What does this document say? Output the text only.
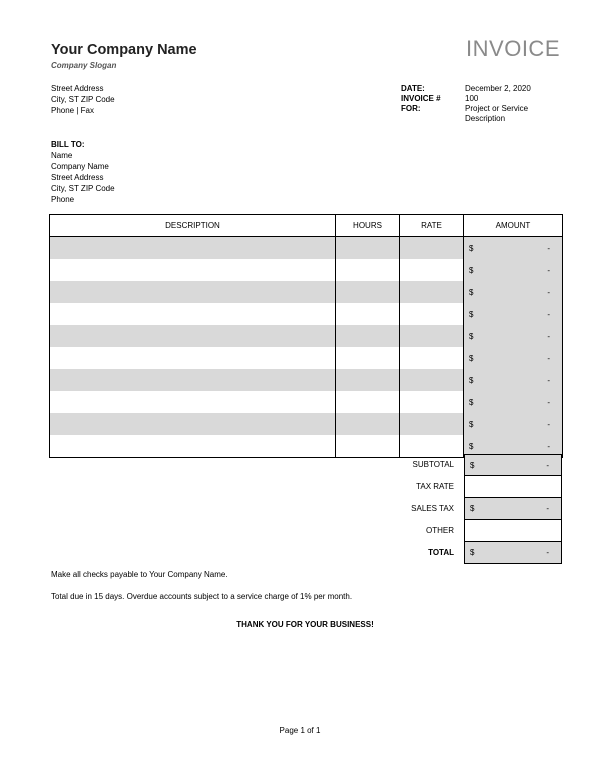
Your Company Name
Company Slogan
INVOICE
Street Address
City, ST ZIP Code
Phone | Fax
DATE:	December 2, 2020
INVOICE #	100
FOR:	Project or Service
Description
BILL TO:
Name
Company Name
Street Address
City, ST ZIP Code
Phone
DESCRIPTION	HOURS	RATE	AMOUNT

			$ -

			$ -

			$ -

			$ -

			$ -

			$ -

			$ -

			$ -

			$ -

			$ -
SUBTOTAL	$	-
TAX RATE
SALES TAX	$	-
OTHER
TOTAL	$	-
Make all checks payable to Your Company Name.
Total due in 15 days. Overdue accounts subject to a service charge of 1% per month.
THANK YOU FOR YOUR BUSINESS!
Page 1 of 1
